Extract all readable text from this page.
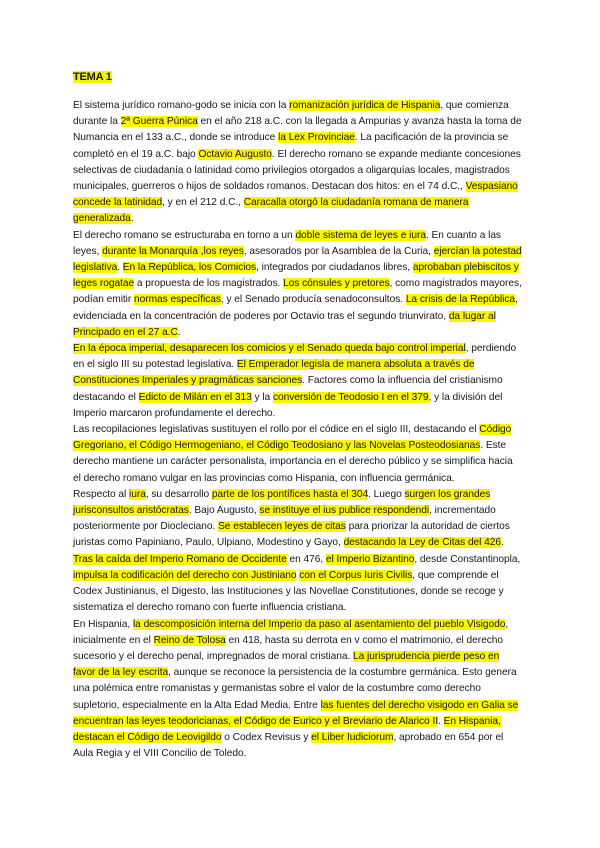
TEMA 1

El sistema jurídico romano-godo se inicia con la romanización jurídica de Hispania, que comienza durante la 2ª Guerra Púnica en el año 218 a.C. con la llegada a Ampurias y avanza hasta la toma de Numancia en el 133 a.C., donde se introduce la Lex Provinciae. La pacificación de la provincia se completó en el 19 a.C. bajo Octavio Augusto. El derecho romano se expande mediante concesiones selectivas de ciudadanía o latinidad como privilegios otorgados a oligarquías locales, magistrados municipales, guerreros o hijos de soldados romanos. Destacan dos hitos: en el 74 d.C., Vespasiano concede la latinidad, y en el 212 d.C., Caracalla otorgó la ciudadanía romana de manera generalizada.

El derecho romano se estructuraba en torno a un doble sistema de leyes e iura. En cuanto a las leyes, durante la Monarquía ,los reyes, asesorados por la Asamblea de la Curia, ejercían la potestad legislativa. En la República, los Comicios, integrados por ciudadanos libres, aprobaban plebiscitos y leges rogatae a propuesta de los magistrados. Los cónsules y pretores, como magistrados mayores, podían emitir normas específicas, y el Senado producía senadoconsultos. La crisis de la República, evidenciada en la concentración de poderes por Octavio tras el segundo triunvirato, da lugar al Principado en el 27 a.C.

En la época imperial, desaparecen los comicios y el Senado queda bajo control imperial, perdiendo en el siglo III su potestad legislativa. El Emperador legisla de manera absoluta a través de Constituciones Imperiales y pragmáticas sanciones. Factores como la influencia del cristianismo destacando el Edicto de Milán en el 313 y la conversión de Teodosio I en el 379, y la división del Imperio marcaron profundamente el derecho.

Las recopilaciones legislativas sustituyen el rollo por el códice en el siglo III, destacando el Código Gregoriano, el Código Hermogeniano, el Código Teodosiano y las Novelas Posteodosianas. Este derecho mantiene un carácter personalista, importancia en el derecho público y se simplifica hacia el derecho romano vulgar en las provincias como Hispania, con influencia germánica.

Respecto al iura, su desarrollo parte de los pontífices hasta el 304. Luego surgen los grandes jurisconsultos aristócratas. Bajo Augusto, se instituye el ius publice respondendi, incrementado posteriormente por Diocleciano. Se establecen leyes de citas para priorizar la autoridad de ciertos juristas como Papiniano, Paulo, Ulpiano, Modestino y Gayo, destacando la Ley de Citas del 426.

Tras la caída del Imperio Romano de Occidente en 476, el Imperio Bizantino, desde Constantinopla, impulsa la codificación del derecho con Justiniano con el Corpus Iuris Civilis, que comprende el Codex Justinianus, el Digesto, las Instituciones y las Novellae Constitutiones, donde se recoge y sistematiza el derecho romano con fuerte influencia cristiana.

En Hispania, la descomposición interna del Imperio da paso al asentamiento del pueblo Visigodo, inicialmente en el Reino de Tolosa en 418, hasta su derrota en v como el matrimonio, el derecho sucesorio y el derecho penal, impregnados de moral cristiana. La jurisprudencia pierde peso en favor de la ley escrita, aunque se reconoce la persistencia de la costumbre germánica. Esto genera una polémica entre romanistas y germanistas sobre el valor de la costumbre como derecho supletorio, especialmente en la Alta Edad Media. Entre las fuentes del derecho visigodo en Galia se encuentran las leyes teodoricianas, el Código de Eurico y el Breviario de Alarico II. En Hispania, destacan el Código de Leovigildo o Codex Revisus y el Liber Iudiciorum, aprobado en 654 por el Aula Regia y el VIII Concilio de Toledo.
